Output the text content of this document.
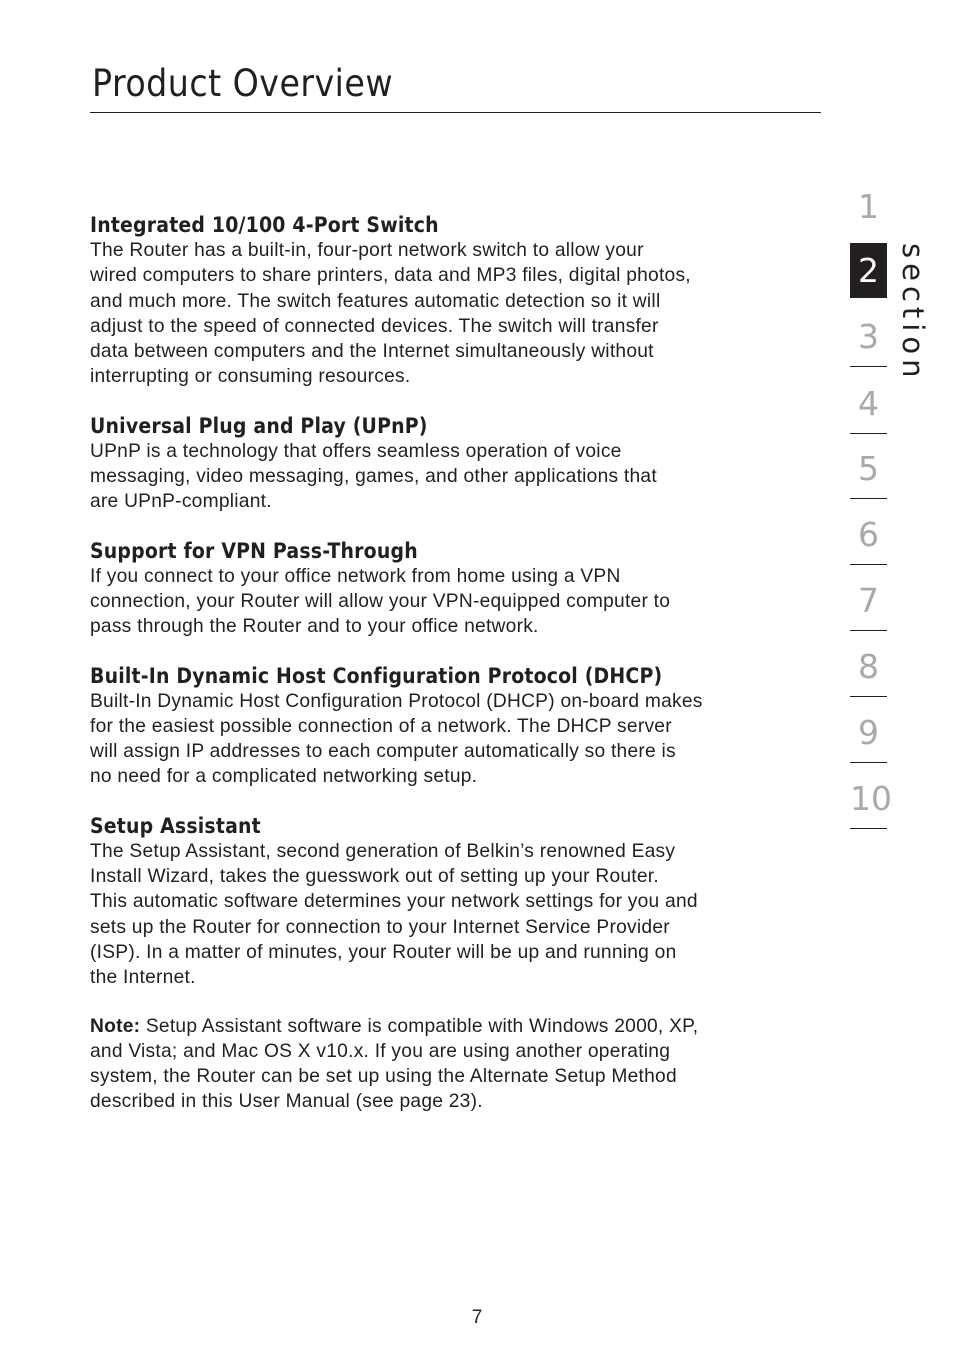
Product Overview
Integrated 10/100 4-Port Switch

The Router has a built-in, four-port network switch to allow your
wired computers to share printers, data and MP3 files, digital photos,
and much more. The switch features automatic detection so it will
adjust to the speed of connected devices. The switch will transfer
data between computers and the Internet simultaneously without
interrupting or consuming resources.

Universal Plug and Play (UPnP)

UPnP is a technology that offers seamless operation of voice
messaging, video messaging, games, and other applications that
are UPnP-compliant.

Support for VPN Pass-Through

If you connect to your office network from home using a VPN
connection, your Router will allow your VPN-equipped computer to
pass through the Router and to your office network.

Built-In Dynamic Host Configuration Protocol (DHCP)

Built-In Dynamic Host Configuration Protocol (DHCP) on-board makes
for the easiest possible connection of a network. The DHCP server
will assign IP addresses to each computer automatically so there is
no need for a complicated networking setup.

Setup Assistant

The Setup Assistant, second generation of Belkin’s renowned Easy
Install Wizard, takes the guesswork out of setting up your Router.
This automatic software determines your network settings for you and
sets up the Router for connection to your Internet Service Provider
(ISP). In a matter of minutes, your Router will be up and running on
the Internet.

Note: Setup Assistant software is compatible with Windows 2000, XP,
and Vista; and Mac OS X v10.x. If you are using another operating
system, the Router can be set up using the Alternate Setup Method
described in this User Manual (see page 23).

1
2
3
4
5
6
7
8
9
10
section
7
